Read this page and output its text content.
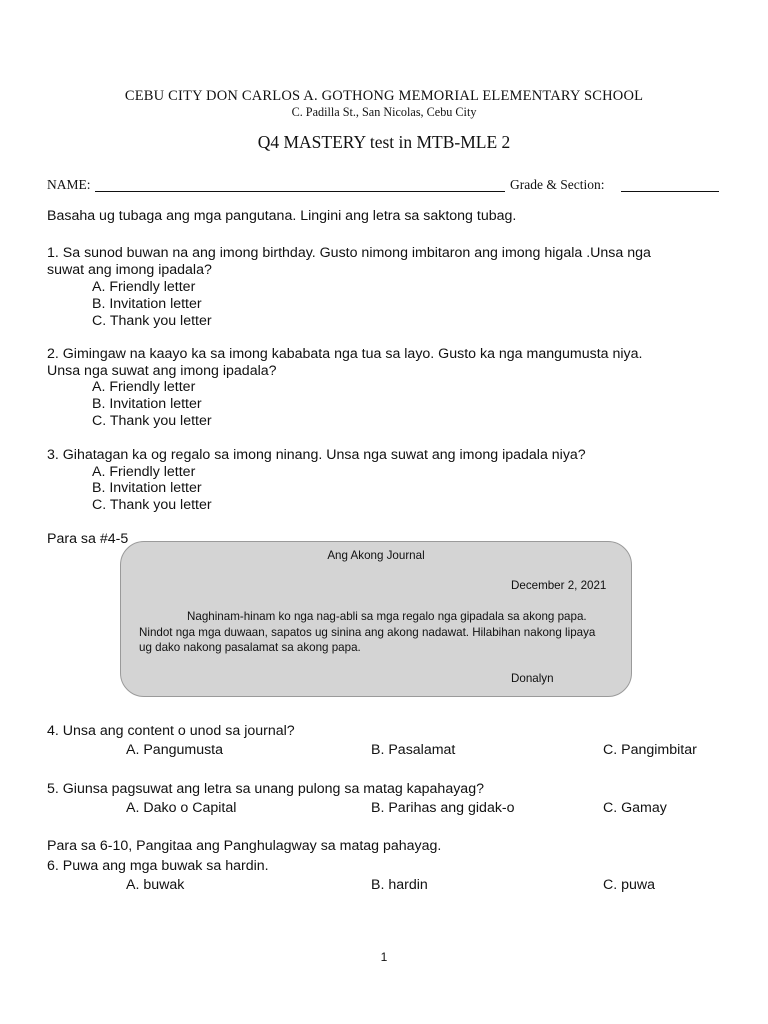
CEBU CITY DON CARLOS A. GOTHONG MEMORIAL ELEMENTARY SCHOOL
C. Padilla St., San Nicolas, Cebu City
Q4 MASTERY test in MTB-MLE 2
NAME:	Grade & Section:
Basaha ug tubaga ang mga pangutana. Lingini ang letra sa saktong tubag.
1. Sa sunod buwan na ang imong birthday. Gusto nimong imbitaron ang imong higala .Unsa nga
suwat ang imong ipadala?
A. Friendly letter
B. Invitation letter
C. Thank you letter
2. Gimingaw na kaayo ka sa imong kababata nga tua sa layo. Gusto ka nga mangumusta niya.
Unsa nga suwat ang imong ipadala?
A. Friendly letter
B. Invitation letter
C. Thank you letter
3. Gihatagan ka og regalo sa imong ninang. Unsa nga suwat ang imong ipadala niya?
A. Friendly letter
B. Invitation letter
C. Thank you letter
Para sa #4-5
Ang Akong Journal
December 2, 2021
Naghinam-hinam ko nga nag-abli sa mga regalo nga gipadala sa akong papa.
Nindot nga mga duwaan, sapatos ug sinina ang akong nadawat. Hilabihan nakong lipaya
ug dako nakong pasalamat sa akong papa.
Donalyn
4. Unsa ang content o unod sa journal?
A. Pangumusta	B. Pasalamat	C. Pangimbitar
5. Giunsa pagsuwat ang letra sa unang pulong sa matag kapahayag?
A. Dako o Capital	B. Parihas ang gidak-o	C. Gamay
Para sa 6-10, Pangitaa ang Panghulagway sa matag pahayag.
6. Puwa ang mga buwak sa hardin.
A. buwak	B. hardin	C. puwa
1
